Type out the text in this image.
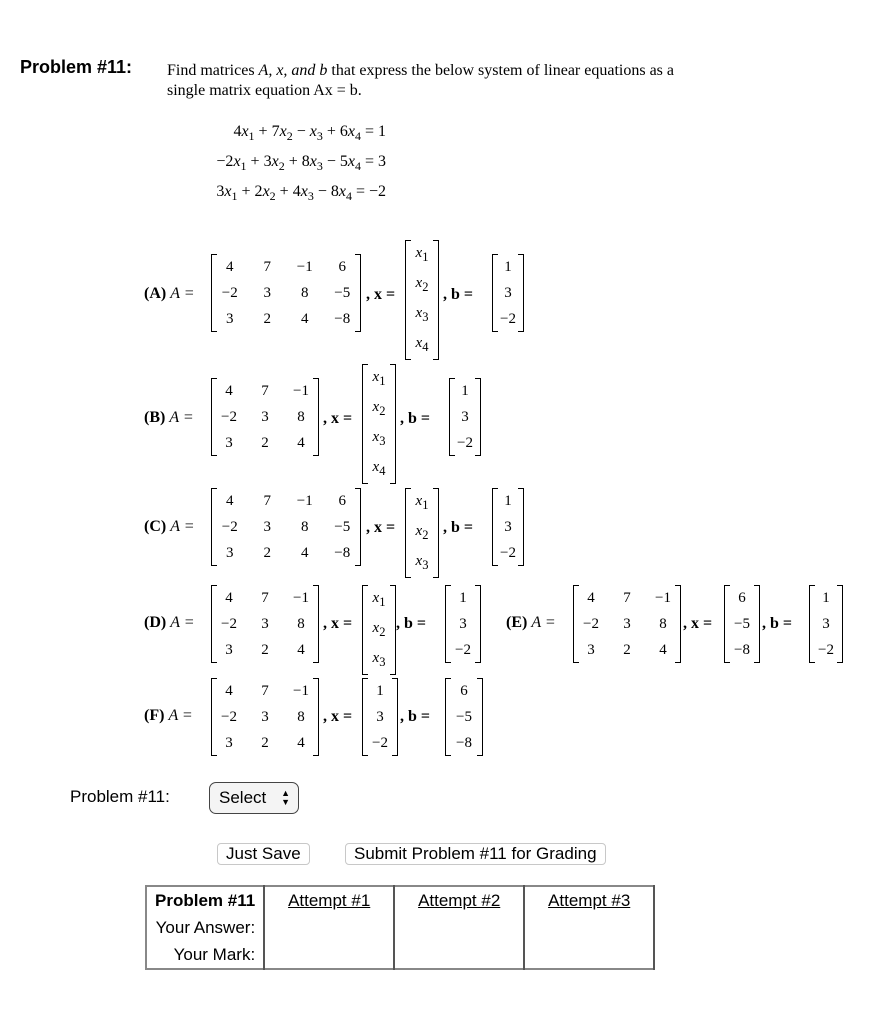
Problem #11: Find matrices A, x, and b that express the below system of linear equations as a
single matrix equation Ax = b.
$4x_1 + 7x_2 - x_3 + 6x_4 = 1$
$-2x_1 + 3x_2 + 8x_3 - 5x_4 = 3$
$3x_1 + 2x_2 + 4x_3 - 8x_4 = -2$
(A) A =
4	7	−1	6
−2	3	8	−5
3	2	4	−8
, x =
$x_1$
$x_2$
$x_3$
$x_4$
, b =
1
3
−2
(B) A =
4	7	−1
−2	3	8
3	2	4
, x =
$x_1$
$x_2$
$x_3$
$x_4$
, b =
1
3
−2
(C) A =
4	7	−1	6
−2	3	8	−5
3	2	4	−8
, x =
$x_1$
$x_2$
$x_3$
, b =
1
3
−2
(D) A =
4	7	−1
−2	3	8
3	2	4
, x =
$x_1$
$x_2$
$x_3$
, b =
1
3
−2
(E) A =
4	7	−1
−2	3	8
3	2	4
, x =
6
−5
−8
, b =
1
3
−2
(F) A =
4	7	−1
−2	3	8
3	2	4
, x =
1
3
−2
, b =
6
−5
−8
Problem #11:	Select ▲
▼
Just Save	Submit Problem #11 for Grading
Problem #11	Attempt #1	Attempt #2	Attempt #3
Your Answer:			
Your Mark:			
